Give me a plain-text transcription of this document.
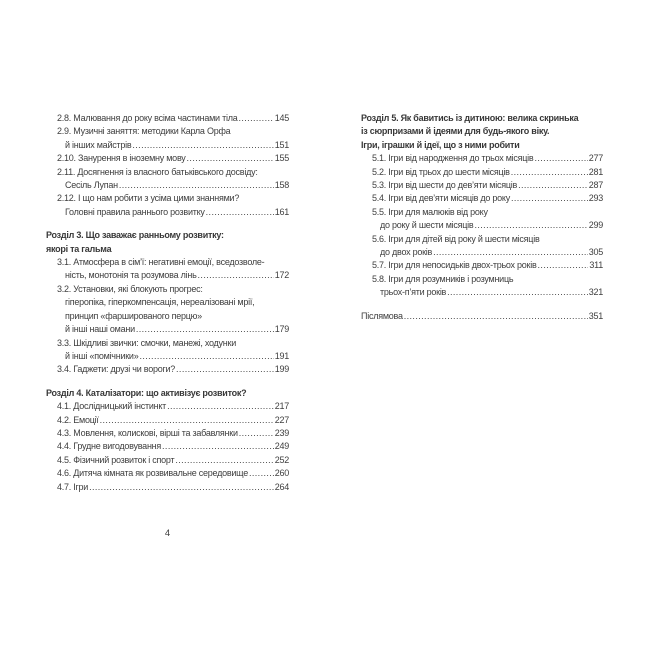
2.8. Малювання до року всіма частинами тіла .....	145
2.9. Музичні заняття: методики Карла Орфа
й інших майстрів .....	151
2.10. Занурення в іноземну мову .....	155
2.11. Досягнення із власного батьківського досвіду:
Сесіль Лупан .....	158
2.12. І що нам робити з усіма цими знаннями?
Головні правила раннього розвитку .....	161
Розділ 3. Що заважає ранньому розвитку:
якорі та гальма
3.1. Атмосфера в сім’ї: негативні емоції, вседозволе-
ність, монотонія та розумова лінь .....	172
3.2. Установки, які блокують прогрес:
гіперопіка, гіперкомпенсація, нереалізовані мрії,
принцип «фаршированого перцю»
й інші наші омани .....	179
3.3. Шкідливі звички: смочки, манежі, ходунки
й інші «помічники» .....	191
3.4. Гаджети: друзі чи вороги? .....	199
Розділ 4. Каталізатори: що активізує розвиток?
4.1. Дослідницький інстинкт .....	217
4.2. Емоції .....	227
4.3. Мовлення, колискові, вірші та забавлянки .....	239
4.4. Грудне вигодовування .....	249
4.5. Фізичний розвиток і спорт .....	252
4.6. Дитяча кімната як розвивальне середовище .....	260
4.7. Ігри .....	264
Розділ 5. Як бавитись із дитиною: велика скринька
із сюрпризами й ідеями для будь-якого віку.
Ігри, іграшки й ідеї, що з ними робити
5.1. Ігри від народження до трьох місяців .....	277
5.2. Ігри від трьох до шести місяців .....	281
5.3. Ігри від шести до дев’яти місяців .....	287
5.4. Ігри від дев’яти місяців до року .....	293
5.5. Ігри для малюків від року
до року й шести місяців .....	299
5.6. Ігри для дітей від року й шести місяців
до двох років .....	305
5.7. Ігри для непосидьків двох-трьох років .....	311
5.8. Ігри для розумників і розумниць
трьох-п’яти років .....	321
Післямова .....	351
4
